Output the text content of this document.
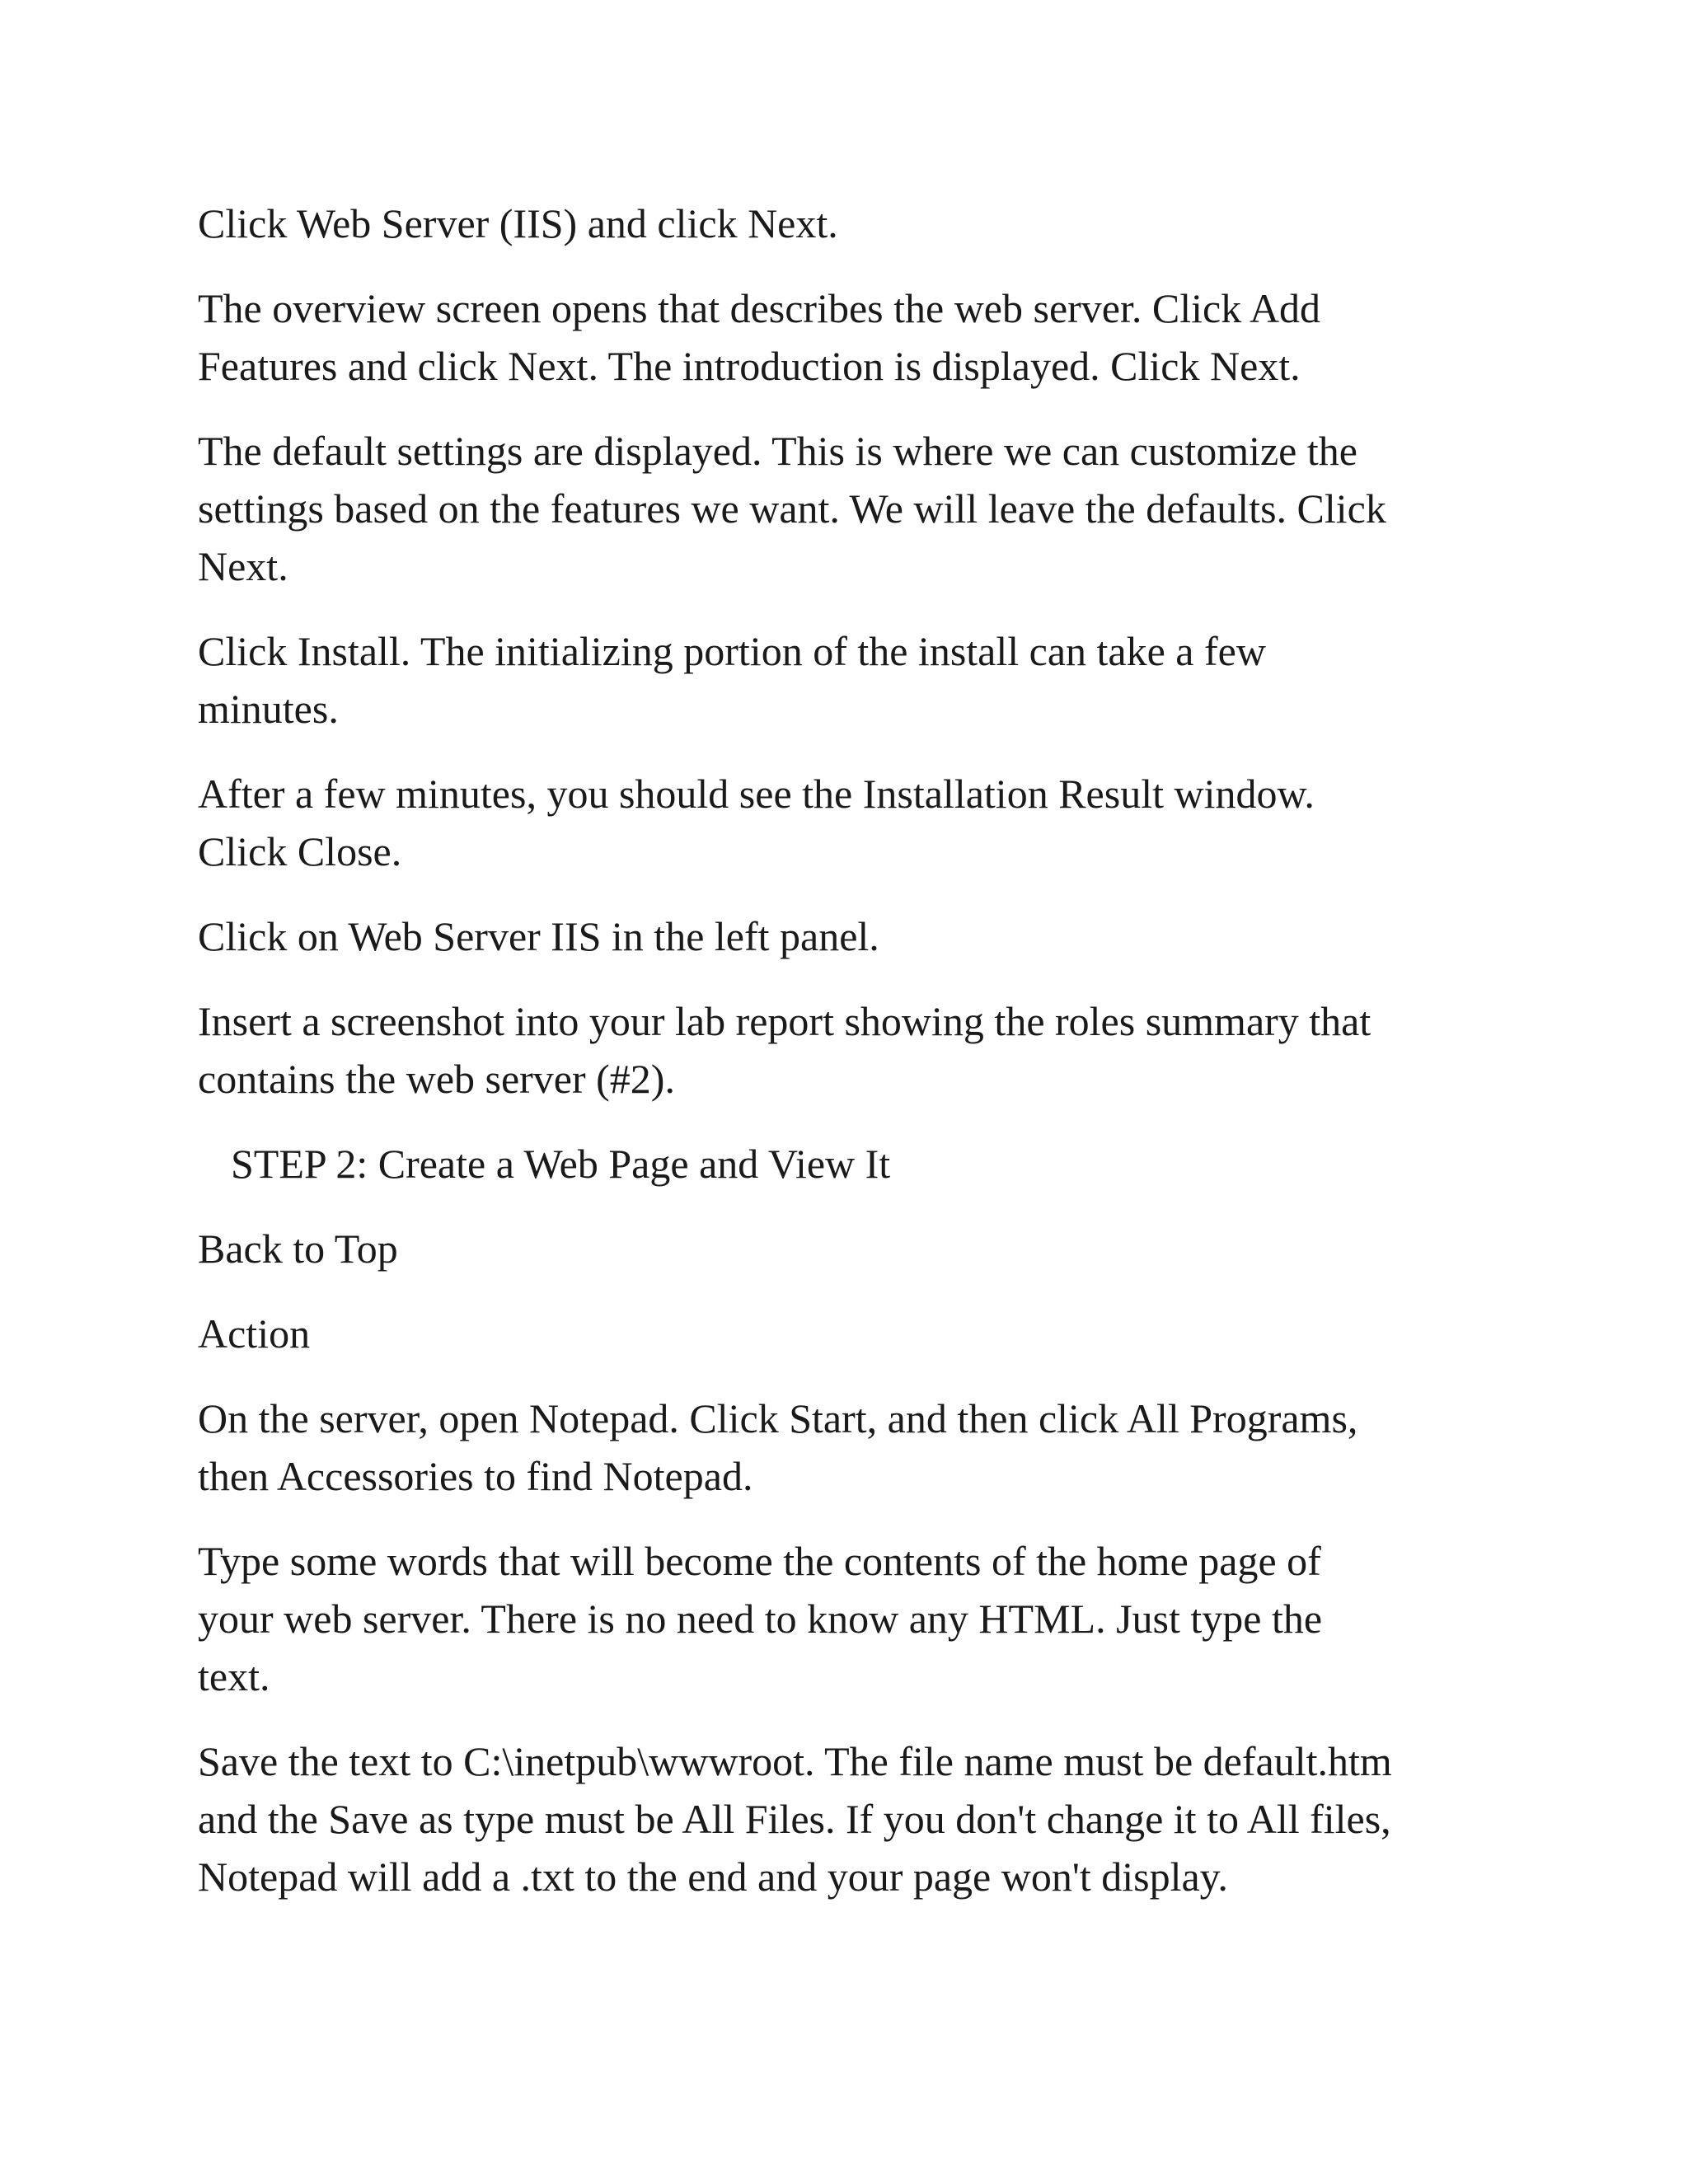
Click Web Server (IIS) and click Next.

The overview screen opens that describes the web server. Click Add
Features and click Next. The introduction is displayed. Click Next.

The default settings are displayed. This is where we can customize the
settings based on the features we want. We will leave the defaults. Click
Next.

Click Install. The initializing portion of the install can take a few
minutes.

After a few minutes, you should see the Installation Result window.
Click Close.

Click on Web Server IIS in the left panel.

Insert a screenshot into your lab report showing the roles summary that
contains the web server (#2).

STEP 2: Create a Web Page and View It

Back to Top

Action

On the server, open Notepad. Click Start, and then click All Programs,
then Accessories to find Notepad.

Type some words that will become the contents of the home page of
your web server. There is no need to know any HTML. Just type the
text.

Save the text to C:\inetpub\wwwroot. The file name must be default.htm
and the Save as type must be All Files. If you don't change it to All files,
Notepad will add a .txt to the end and your page won't display.
